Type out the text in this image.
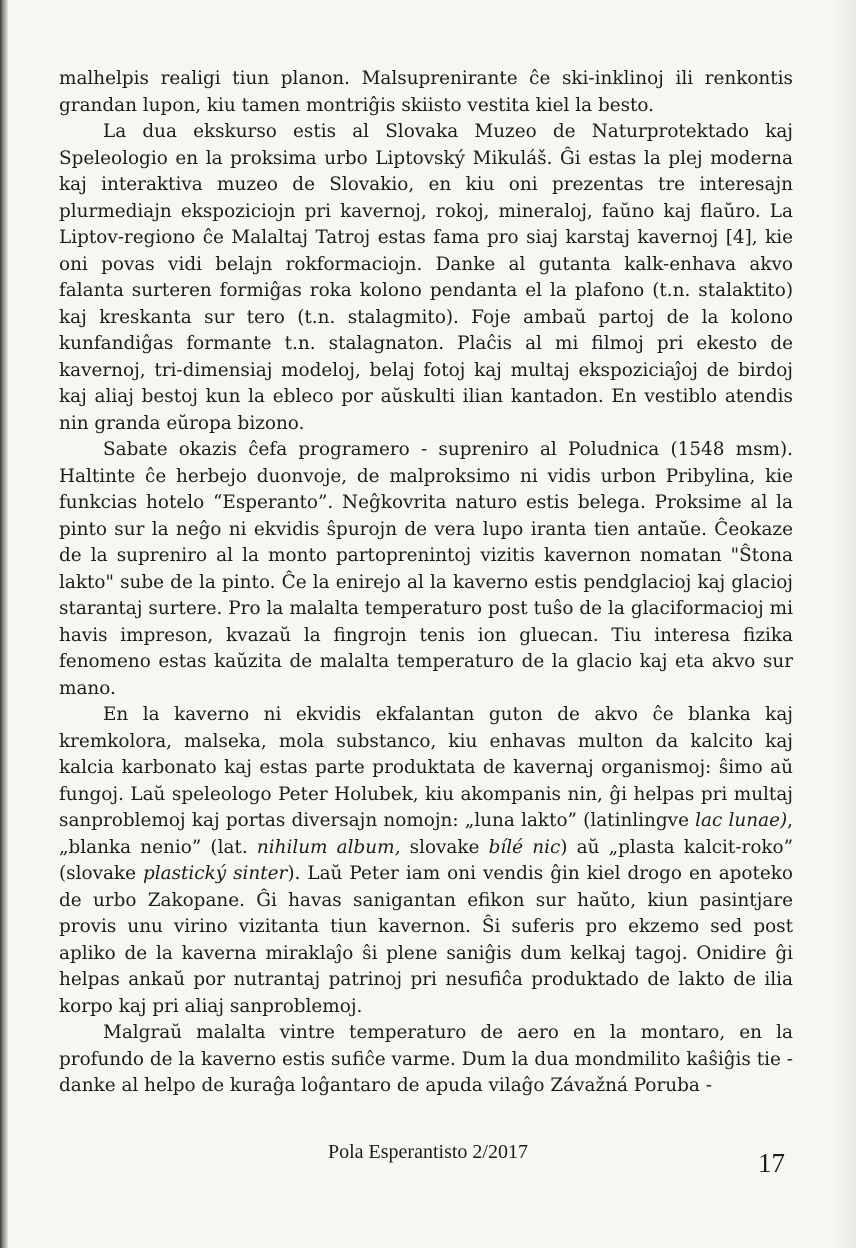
malhelpis realigi tiun planon. Malsuprenirante ĉe ski-inklinoj ili renkontis grandan lupon, kiu tamen montriĝis skiisto vestita kiel la besto.

La dua ekskurso estis al Slovaka Muzeo de Naturprotektado kaj Speleologio en la proksima urbo Liptovský Mikuláš. Ĝi estas la plej moderna kaj interaktiva muzeo de Slovakio, en kiu oni prezentas tre interesajn plurmediajn ekspoziciojn pri kavernoj, rokoj, mineraloj, faŭno kaj flaŭro. La Liptov-regiono ĉe Malaltaj Tatroj estas fama pro siaj karstaj kavernoj [4], kie oni povas vidi belajn rokformaciojn. Danke al gutanta kalk-enhava akvo falanta surteren formiĝas roka kolono pendanta el la plafono (t.n. stalaktito) kaj kreskanta sur tero (t.n. stalagmito). Foje ambaŭ partoj de la kolono kunfandiĝas formante t.n. stalagnaton. Plaĉis al mi filmoj pri ekesto de kavernoj, tri-dimensiaj modeloj, belaj fotoj kaj multaj ekspoziciaĵoj de birdoj kaj aliaj bestoj kun la ebleco por aŭskulti ilian kantadon. En vestiblo atendis nin granda eŭropa bizono.

Sabate okazis ĉefa programero - supreniro al Poludnica (1548 msm). Haltinte ĉe herbejo duonvoje, de malproksimo ni vidis urbon Pribylina, kie funkcias hotelo “Esperanto”. Neĝkovrita naturo estis belega. Proksime al la pinto sur la neĝo ni ekvidis ŝpurojn de vera lupo iranta tien antaŭe. Ĉeokaze de la supreniro al la monto partoprenintoj vizitis kavernon nomatan "Ŝtona lakto" sube de la pinto. Ĉe la enirejo al la kaverno estis pendglacioj kaj glacioj starantaj surtere. Pro la malalta temperaturo post tuŝo de la glaciformacioj mi havis impreson, kvazaŭ la fingrojn tenis ion gluecan. Tiu interesa fizika fenomeno estas kaŭzita de malalta temperaturo de la glacio kaj eta akvo sur mano.

En la kaverno ni ekvidis ekfalantan guton de akvo ĉe blanka kaj kremkolora, malseka, mola substanco, kiu enhavas multon da kalcito kaj kalcia karbonato kaj estas parte produktata de kavernaj organismoj: ŝimo aŭ fungoj. Laŭ speleologo Peter Holubek, kiu akompanis nin, ĝi helpas pri multaj sanproblemoj kaj portas diversajn nomojn: „luna lakto” (latinlingve lac lunae), „blanka nenio” (lat. nihilum album, slovake bílé nic) aŭ „plasta kalcit-roko” (slovake plastický sinter). Laŭ Peter iam oni vendis ĝin kiel drogo en apoteko de urbo Zakopane. Ĝi havas sanigantan efikon sur haŭto, kiun pasintjare provis unu virino vizitanta tiun kavernon. Ŝi suferis pro ekzemo sed post apliko de la kaverna miraklaĵo ŝi plene saniĝis dum kelkaj tagoj. Onidire ĝi helpas ankaŭ por nutrantaj patrinoj pri nesufiĉa produktado de lakto de ilia korpo kaj pri aliaj sanproblemoj.

Malgraŭ malalta vintre temperaturo de aero en la montaro, en la profundo de la kaverno estis sufiĉe varme. Dum la dua mondmilito kaŝiĝis tie - danke al helpo de kuraĝa loĝantaro de apuda vilaĝo Závažná Poruba -

Pola Esperantisto 2/2017	17
